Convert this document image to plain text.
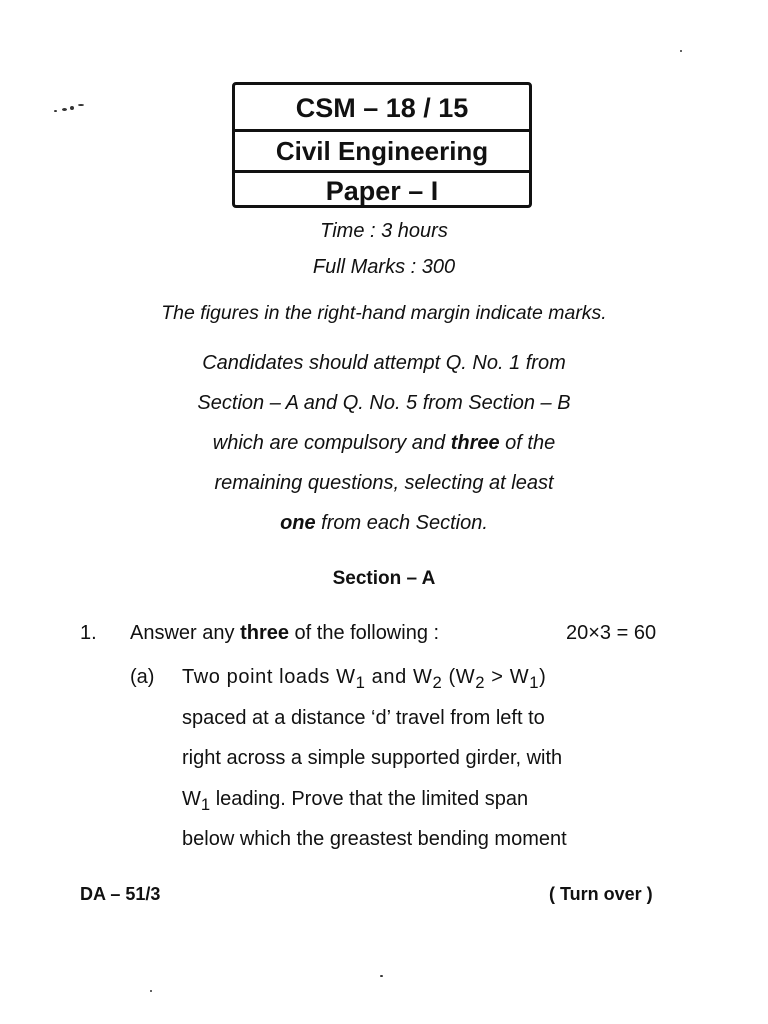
CSM – 18 / 15
Civil Engineering
Paper – I
Time : 3 hours
Full Marks : 300
The figures in the right-hand margin indicate marks.
Candidates should attempt Q. No. 1 from
Section – A and Q. No. 5 from Section – B
which are compulsory and three of the
remaining questions, selecting at least
one from each Section.
Section – A
1. Answer any three of the following :	20×3 = 60
(a) Two point loads $W_1$ and $W_2$ $(W_2 > W_1)$
spaced at a distance ‘d’ travel from left to
right across a simple supported girder, with
$W_1$ leading. Prove that the limited span
below which the greastest bending moment
DA – 51/3	( Turn over )
